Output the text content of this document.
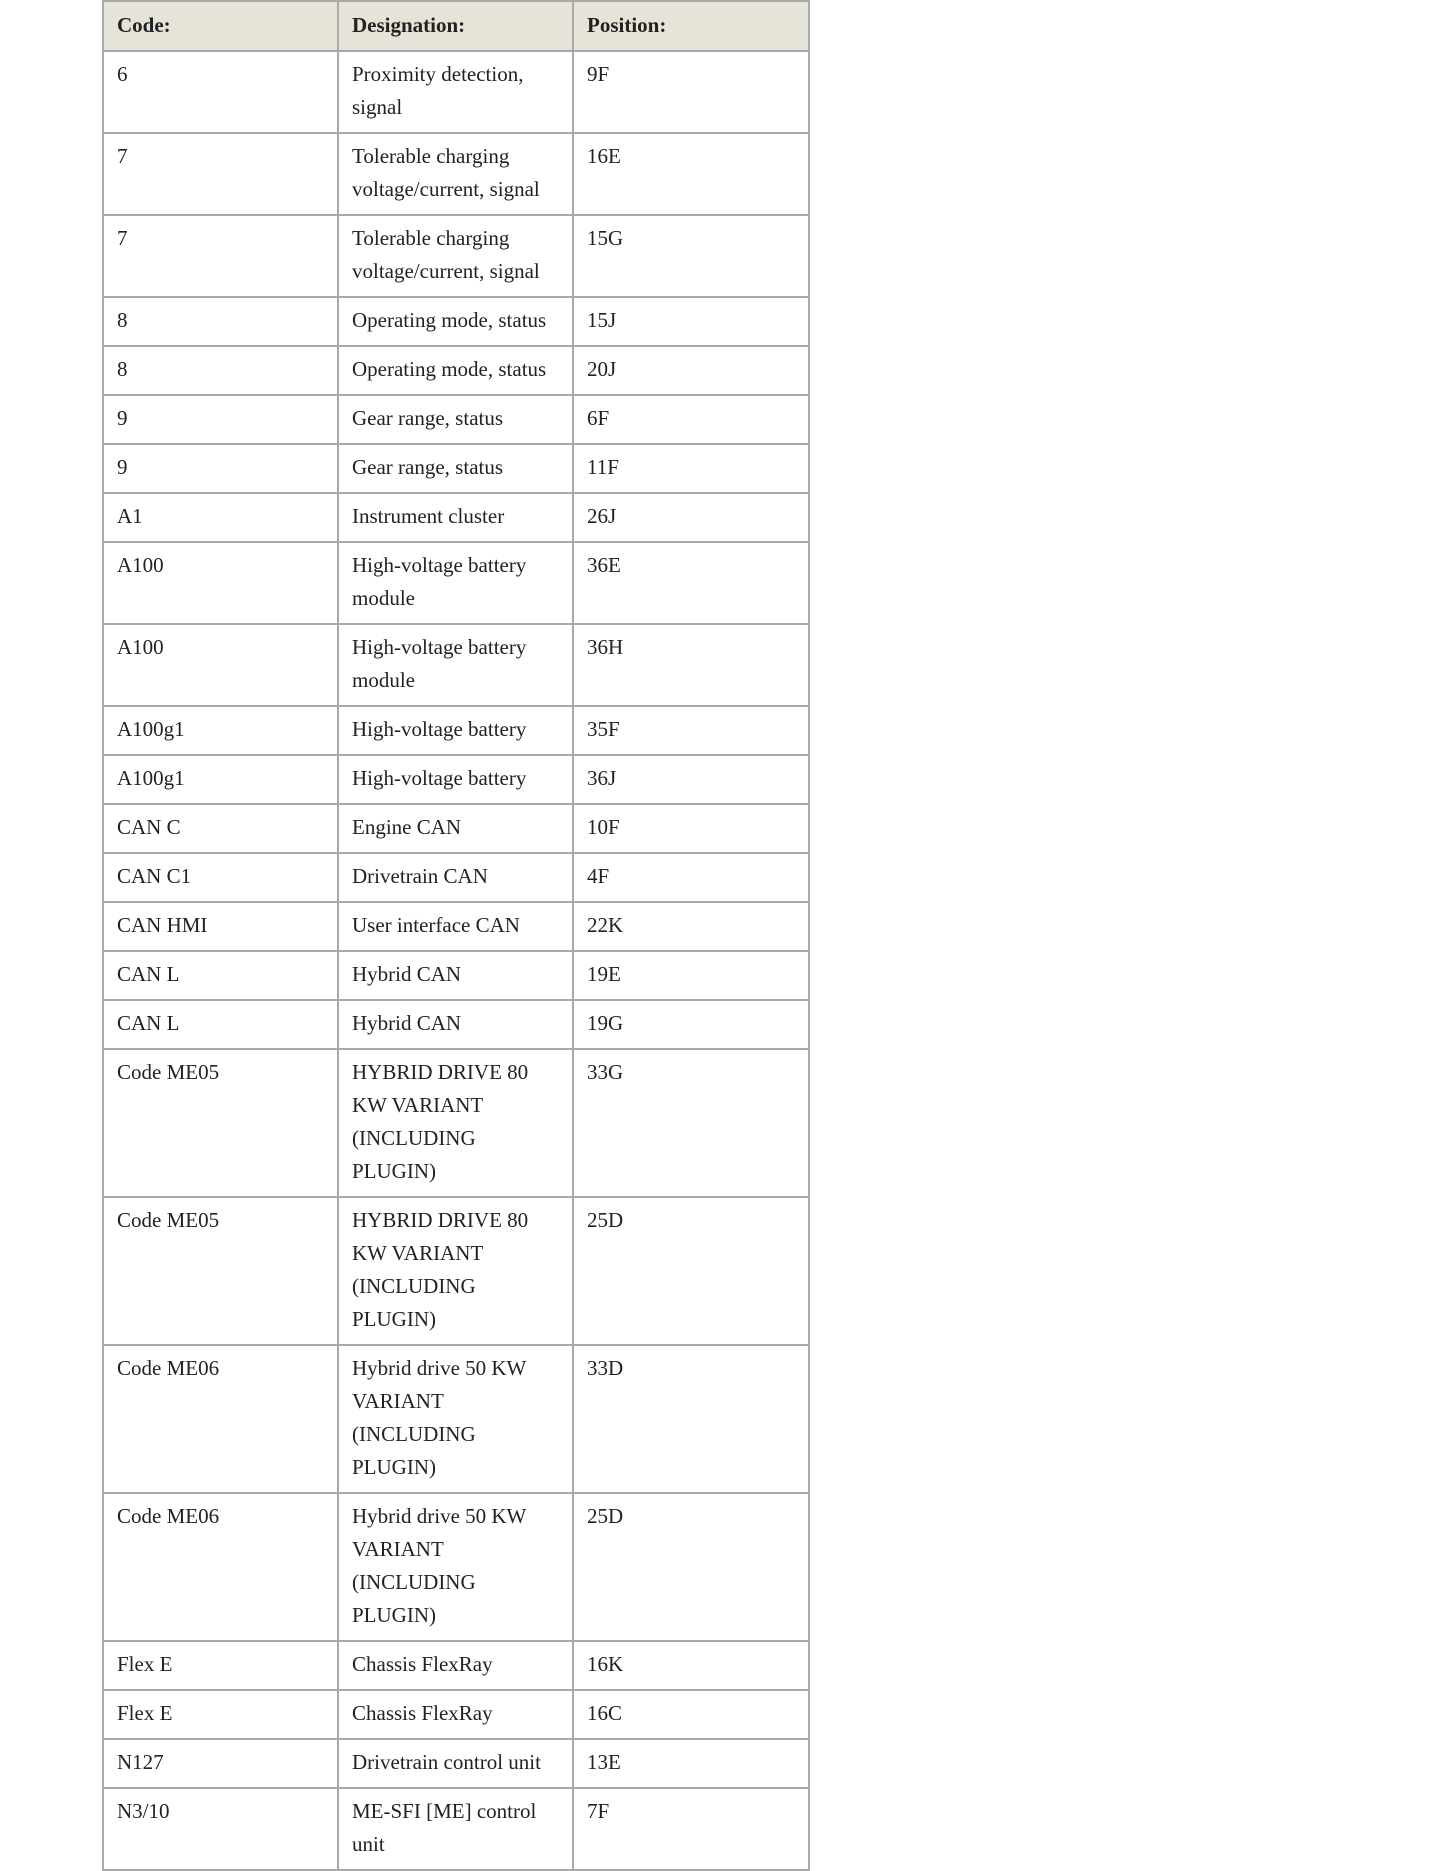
Code:	Designation:	Position:
6	Proximity detection, signal	9F
7	Tolerable charging voltage/current, signal	16E
7	Tolerable charging voltage/current, signal	15G
8	Operating mode, status	15J
8	Operating mode, status	20J
9	Gear range, status	6F
9	Gear range, status	11F
A1	Instrument cluster	26J
A100	High-voltage battery module	36E
A100	High-voltage battery module	36H
A100g1	High-voltage battery	35F
A100g1	High-voltage battery	36J
CAN C	Engine CAN	10F
CAN C1	Drivetrain CAN	4F
CAN HMI	User interface CAN	22K
CAN L	Hybrid CAN	19E
CAN L	Hybrid CAN	19G
Code ME05	HYBRID DRIVE 80 KW VARIANT (INCLUDING PLUGIN)	33G
Code ME05	HYBRID DRIVE 80 KW VARIANT (INCLUDING PLUGIN)	25D
Code ME06	Hybrid drive 50 KW VARIANT (INCLUDING PLUGIN)	33D
Code ME06	Hybrid drive 50 KW VARIANT (INCLUDING PLUGIN)	25D
Flex E	Chassis FlexRay	16K
Flex E	Chassis FlexRay	16C
N127	Drivetrain control unit	13E
N3/10	ME-SFI [ME] control unit	7F
